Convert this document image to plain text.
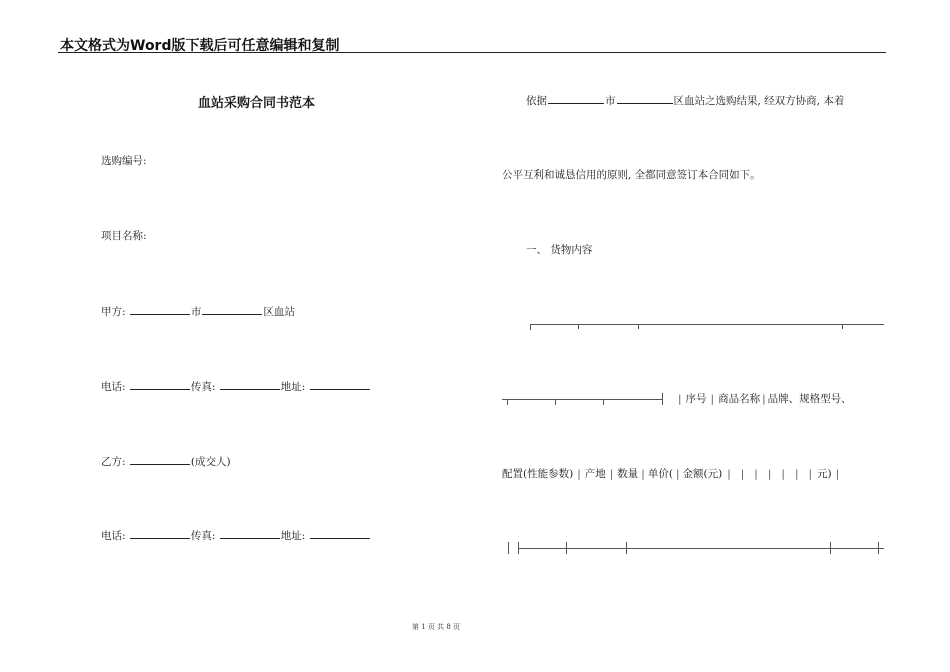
本文格式为Word版下载后可任意编辑和复制
血站采购合同书范本
选购编号:
项目名称:
甲方:	市	区血站
电话:	传真:	地址:
乙方:	(成交人)
电话:	传真:	地址:
依据	市	区血站之选购结果, 经双方协商, 本着
公平互利和诚恳信用的原则, 全都同意签订本合同如下。
一、 货物内容
| 序号 | 商品名称 | 品牌、规格型号、
配置(性能参数) | 产地 | 数量 | 单价( | 金额(元) | | | | | | | 元) |
第 1 页 共 8 页
